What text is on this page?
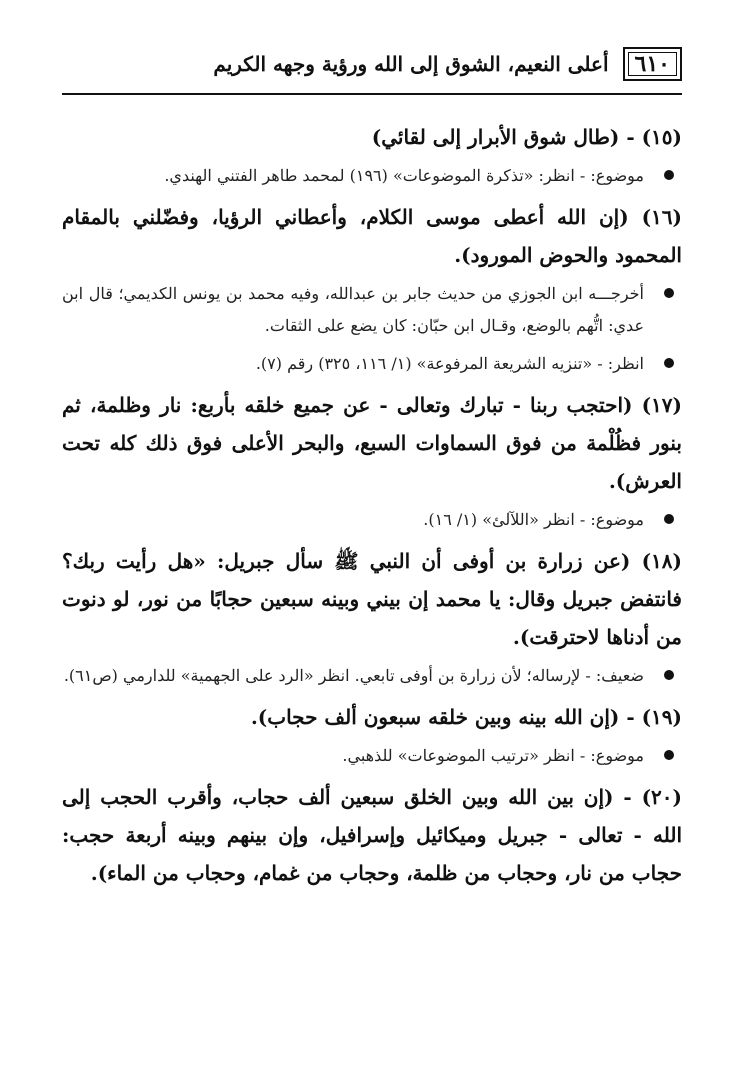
٦١٠
أعلى النعيم، الشوق إلى الله ورؤية وجهه الكريم

(١٥) - (طال شوق الأبرار إلى لقائي)

موضوع: - انظر: «تذكرة الموضوعات» (١٩٦) لمحمد طاهر الفتني الهندي.

(١٦) (إن الله أعطى موسى الكلام، وأعطاني الرؤيا، وفضّلني بالمقام المحمود والحوض المورود).

أخرجـــه ابن الجوزي من حديث جابر بن عبدالله، وفيه محمد بن يونس الكديمي؛ قال ابن عدي: اتُّهم بالوضع، وقـال ابن حبّان: كان يضع على الثقات.

انظر: - «تنزيه الشريعة المرفوعة» (١/ ١١٦، ٣٢٥) رقم (٧).

(١٧) (احتجب ربنا - تبارك وتعالى - عن جميع خلقه بأربع: نار وظلمة، ثم بنور فظُلْمة من فوق السماوات السبع، والبحر الأعلى فوق ذلك كله تحت العرش).

موضوع: - انظر «اللآلئ» (١/ ١٦).

(١٨) (عن زرارة بن أوفى أن النبي ﷺ سأل جبريل: «هل رأيت ربك؟ فانتفض جبريل وقال: يا محمد إن بيني وبينه سبعين حجابًا من نور، لو دنوت من أدناها لاحترقت).

ضعيف: - لإرساله؛ لأن زرارة بن أوفى تابعي. انظر «الرد على الجهمية» للدارمي (ص٦١).

(١٩) - (إن الله بينه وبين خلقه سبعون ألف حجاب).

موضوع: - انظر «ترتيب الموضوعات» للذهبي.

(٢٠) - (إن بين الله وبين الخلق سبعين ألف حجاب، وأقرب الحجب إلى الله - تعالى - جبريل وميكائيل وإسرافيل، وإن بينهم وبينه أربعة حجب: حجاب من نار، وحجاب من ظلمة، وحجاب من غمام، وحجاب من الماء).
